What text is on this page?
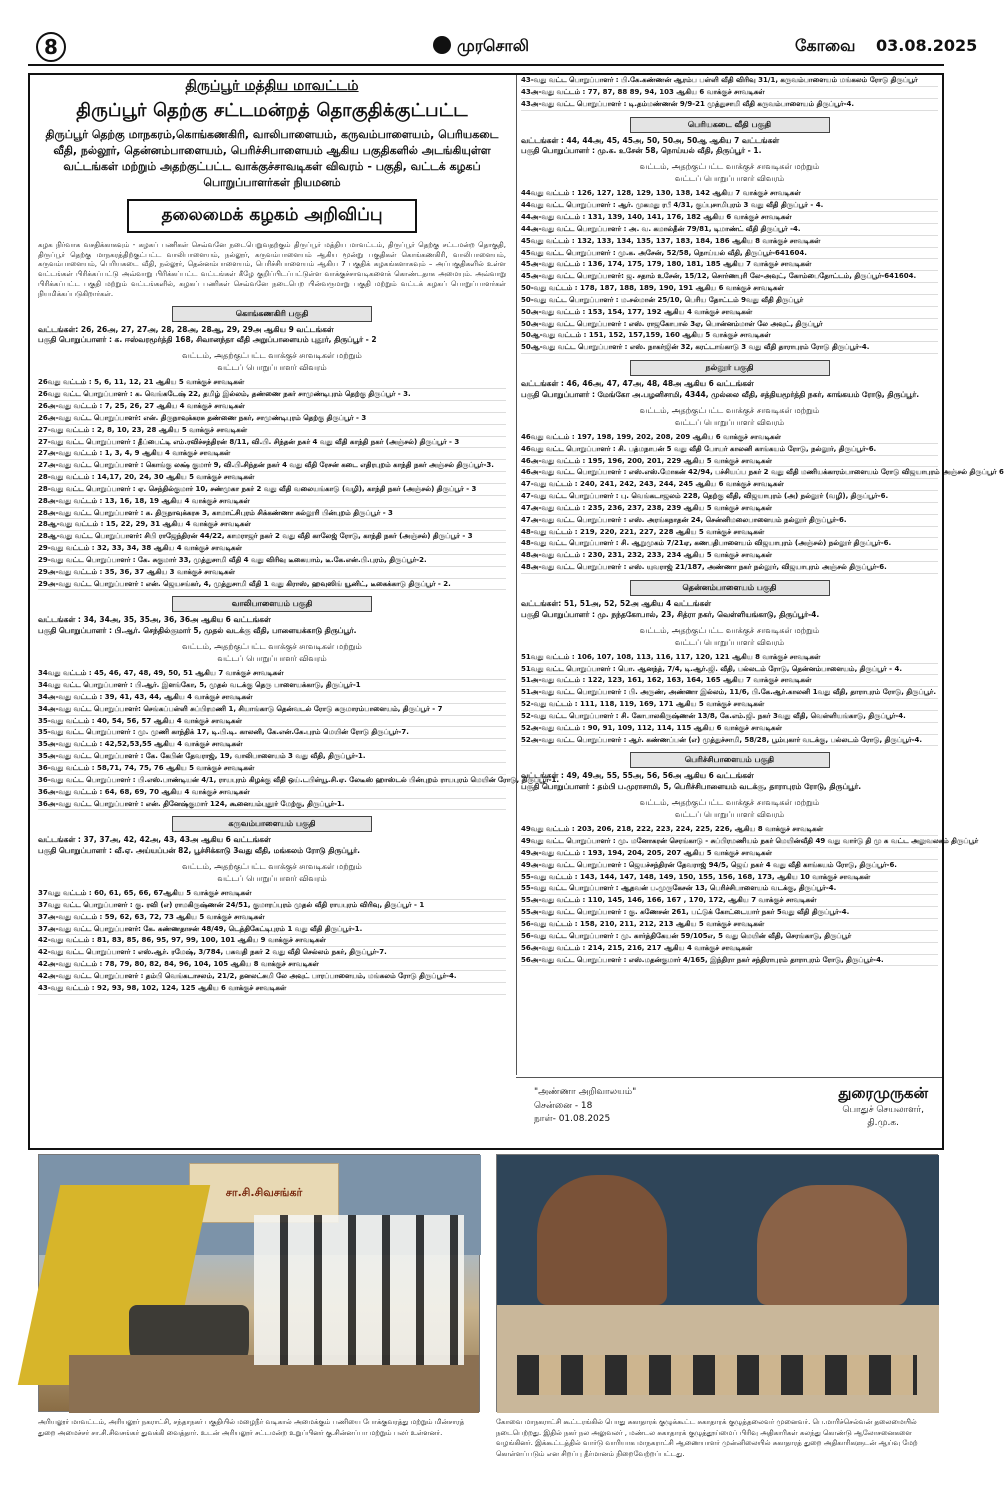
8	முரசொலி	கோவை 03.08.2025
திருப்பூர் மத்திய மாவட்டம்
திருப்பூர் தெற்கு சட்டமன்றத் தொகுதிக்குட்பட்ட
திருப்பூர் தெற்கு மாநகரம்,கொங்கணகிரி, வாலிபாளையம், கருவம்பாளையம், பெரியகடை வீதி, நல்லூர், தென்னம்பாளையம், பெரிச்சிபாளையம் ஆகிய பகுதிகளில் அடங்கியுள்ள வட்டங்கள் மற்றும் அதற்குட்பட்ட வாக்குச்சாவடிகள் விவரம் - பகுதி, வட்டக் கழகப் பொறுப்பாளர்கள் நியமனம்
தலைமைக் கழகம் அறிவிப்பு
கழக நிர்வாக வசதிக்காகவும் - கழகப் பணிகள் செவ்வனே நடைபெறுவதற்கும் திருப்பூர் மத்திய மாவட்டம், திருப்பூர் தெற்கு சட்டமன்ற தொகுதி, திருப்பூர் தெற்கு மாநகரத்திற்குட்பட்ட வாலிபாளையம், நல்லூர், கருவம்பாளையம் ஆகிய மூன்று பகுதிகள் கொங்கணகிரி, வாலிபாளையம், கருவம்பாளையம், பெரியகடை வீதி, நல்லூர், தென்னம்பாளையம், பெரிச்சிபாளையம் ஆகிய 7 பகுதிக் கழகங்களாகவும் – அப்பகுதிகளில் உள்ள வட்டங்கள் பிரிக்கப்பட்டு அவ்வாறு பிரிக்கப்பட்ட வட்டங்கள் கீழே குறிப்பிடப்பட்டுள்ள வாக்குச்சாவடிகளைக் கொண்டதாக அமையும். அவ்வாறு பிரிக்கப்பட்ட பகுதி மற்றும் வட்டங்களில், கழகப் பணிகள் செவ்வனே நடைபெற பின்வருமாறு பகுதி மற்றும் வட்டக் கழகப் பொறுப்பாளர்கள் நியமிக்கப்படுகிறார்கள்.
கொங்கணகிரி பகுதி
வட்டங்கள்: 26, 26அ, 27, 27அ, 28, 28அ, 28ஆ, 29, 29அ ஆகிய 9 வட்டங்கள்
பகுதி பொறுப்பாளர் : க. ஈஸ்வரமூர்த்தி 168, சிவானந்தா வீதி அறுப்பாளையம் புதூர், திருப்பூர் - 2
வட்டம், அதற்குட்பட்ட வாக்குச் சாவடிகள் மற்றும்
வட்டப் பொறுப்பாளர் விவரம்
26வது வட்டம் : 5, 6, 11, 12, 21 ஆகிய 5 வாக்குச் சாவடிகள்
26வது வட்ட பொறுப்பாளர் : க. வெங்கடேஷ் 22, தமிழ் இல்லம், தண்ணை நகர் சாமுண்டிபுரம் தெற்கு திருப்பூர் - 3.
26அ-வது வட்டம் : 7, 25, 26, 27 ஆகிய 4 வாக்குச் சாவடிகள்
26அ-வது வட்ட பொறுப்பாளர்: என். திருநாவுக்கரசு தண்ணை நகர், சாமுண்டிபுரம் தெற்கு திருப்பூர் - 3
27-வது வட்டம் : 2, 8, 10, 23, 28 ஆகிய 5 வாக்குச் சாவடிகள்
27-வது வட்ட பொறுப்பாளர் : தீப்பைட்டி எம்.ரவிச்சந்திரன் 8/11, வி.பி. சிந்தன் நகர் 4 வது வீதி காந்தி நகர் (அஞ்சல்) திருப்பூர் - 3
27அ-வது வட்டம் : 1, 3, 4, 9 ஆகிய 4 வாக்குச் சாவடிகள்
27அ-வது வட்ட பொறுப்பாளர் : கொங்கு லக்ஷ் குமார் 9, வி.பி.சிந்தன் நகர் 4 வது வீதி ரேசன் கடை எதிரபுறம் காந்தி நகர் அஞ்சல் திருப்பூர்-3.
28-வது வட்டம் : 14,17, 20, 24, 30 ஆகிய 5 வாக்குச் சாவடிகள்
28-வது வட்ட பொறுப்பாளர் : ஏ. செந்தில்குமார் 10, சண்முகா நகர் 2 வது வீதி வலையங்காடு (வழி), காந்தி நகர் (அஞ்சல்) திருப்பூர் - 3
28அ-வது வட்டம் : 13, 16, 18, 19 ஆகிய 4 வாக்குச் சாவடிகள்
28அ-வது வட்ட பொறுப்பாளர் : க. திருநாவுக்கரசு 3, காமாட்சிபுரம் சிக்கண்ணா கல்லூரி பின்புறம் திருப்பூர் - 3
28ஆ-வது வட்டம் : 15, 22, 29, 31 ஆகிய 4 வாக்குச் சாவடிகள்
28ஆ-வது வட்ட பொறுப்பாளர்: சிபி ராஜேந்திரன் 44/22, காமராஜர் நகர் 2 வது வீதி காலேஜ் ரோடு, காந்தி நகர் (அஞ்சல்) திருப்பூர் - 3
29-வது வட்டம் : 32, 33, 34, 38 ஆகிய 4 வாக்குச் சாவடிகள்
29-வது வட்ட பொறுப்பாளர் : கே. சுகுமார் 33, முத்துசாமி வீதி 4 வது விரிவு டீகையாம், டீ.கே.என்.பி.புரம், திருப்பூர்-2.
29அ-வது வட்டம் : 35, 36, 37 ஆகிய 3 வாக்குச் சாவடிகள்
29அ-வது வட்ட பொறுப்பாளர் : என். ஜெயசங்கர், 4, முத்துசாமி வீதி 1 வது கிராஸ், ஹவுஸிங் யூனிட், டீகைக்காடு திருப்பூர் - 2.
வாலிபாளையம் பகுதி
வட்டங்கள் : 34, 34அ, 35, 35அ, 36, 36அ ஆகிய 6 வட்டங்கள்
பகுதி பொறுப்பாளர் : பி.ஆர். செந்தில்குமார் 5, முதல் வடக்கு வீதி, பாளையக்காடு திருப்பூர்.
வட்டம், அதற்குட்பட்ட வாக்குச் சாவடிகள் மற்றும்
வட்டப் பொறுப்பாளர் விவரம்
34வது வட்டம் : 45, 46, 47, 48, 49, 50, 51 ஆகிய 7 வாக்குச் சாவடிகள்
34வது வட்ட பொறுப்பாளர் : பி.ஆர். இளங்கோ, 5, முதல் வடக்கு தெரு பாளையக்காடு, திருப்பூர்-1
34அ-வது வட்டம் : 39, 41, 43, 44, ஆகிய 4 வாக்குச் சாவடிகள்
34அ-வது வட்ட பொறுப்பாளர்: செங்கப்பள்ளி சுப்பிரமணி 1, சியாங்காடு தென்வடல் ரோடு கருமாரம்பாளையம், திருப்பூர் - 7
35-வது வட்டம் : 40, 54, 56, 57 ஆகிய 4 வாக்குச் சாவடிகள்
35-வது வட்ட பொறுப்பாளர் : மு. முணி காந்திக் 17, டி.பி.டி. காலனி, கே.என்.கே.புரம் மெயின் ரோடு திருப்பூர்-7.
35அ-வது வட்டம் : 42,52,53,55 ஆகிய 4 வாக்குச் சாவடிகள்
35அ-வது வட்ட பொறுப்பாளர் : கே. கேபின் தேவராஜ், 19, வாலிபாளையம் 3 வது வீதி, திருப்பூர்-1.
36-வது வட்டம் : 58,71, 74, 75, 76 ஆகிய 5 வாக்குச் சாவடிகள்
36-வது வட்ட பொறுப்பாளர் : பி.எஸ்.பாண்டியன் 4/1, ராயபுரம் கிழக்கு வீதி ஒய்.டபிள்யூ.சி.ஏ. லேடீஸ் ஹாஸ்டல் பின்புறம் ராயபுரம் மெயின் ரோடு, திருப்பூர்-1.
36அ-வது வட்டம் : 64, 68, 69, 70 ஆகிய 4 வாக்குச் சாவடிகள்
36அ-வது வட்ட பொறுப்பாளர் : என். தினேஷ்குமார் 124, கூனையம்புதூர் மேற்கு, திருப்பூர்-1.
கருவம்பாளையம் பகுதி
வட்டங்கள் : 37, 37அ, 42, 42அ, 43, 43அ ஆகிய 6 வட்டங்கள்
பகுதி பொறுப்பாளர் : வீ.ஏ. அய்யப்பன் 82, பூச்சிக்காடு 3வது வீதி, மங்கலம் ரோடு திருப்பூர்.
வட்டம், அதற்குட்பட்ட வாக்குச் சாவடிகள் மற்றும்
வட்டப் பொறுப்பாளர் விவரம்
37வது வட்டம் : 60, 61, 65, 66, 67ஆகிய 5 வாக்குச் சாவடிகள்
37வது வட்ட பொறுப்பாளர் : கு. ரவி (எ) ராமகிருஷ்ணன் 24/51, குமாரப்புரம் முதல் வீதி ராயபுரம் விரிவு, திருப்பூர் - 1
37அ-வது வட்டம் : 59, 62, 63, 72, 73 ஆகிய 5 வாக்குச் சாவடிகள்
37அ-வது வட்ட பொறுப்பாளர்: கே. கண்ணதாசன் 48/49, டெத்திகேட்டிபுரம் 1 வது வீதி திருப்பூர்-1.
42-வது வட்டம் : 81, 83, 85, 86, 95, 97, 99, 100, 101 ஆகிய 9 வாக்குச் சாவடிகள்
42-வது வட்ட பொறுப்பாளர் : எஸ்.ஆர். ரமேஷ், 3/784, பகவதி நகர் 2 வது வீதி செல்லம் நகர், திருப்பூர்-7.
42அ-வது வட்டம் : 78, 79, 80, 82, 84, 96, 104, 105 ஆகிய 8 வாக்குச் சாவடிகள்
42அ-வது வட்ட பொறுப்பாளர் : தம்பி வெங்கடாசலம், 21/2, தனலட்சுமி லே அவுட் பாரப்பாளையம், மங்கலம் ரோடு திருப்பூர்-4.
43-வது வட்டம் : 92, 93, 98, 102, 124, 125 ஆகிய 6 வாக்குச் சாவடிகள்
43-வது வட்ட பொறுப்பாளர் : பி.கே.கண்ணன் ஆரம்ப பள்ளி வீதி விரிவு 31/1, கருவம்பாளையம் மங்கலம் ரோடு திருப்பூர்
43அ-வது வட்டம் : 77, 87, 88 89, 94, 103 ஆகிய 6 வாக்குச் சாவடிகள்
43அ-வது வட்ட பொறுப்பாளர் : டி.தம்மண்ணன் 9/9-21 முத்துசாமி வீதி கருவம்பாளையம் திருப்பூர்-4.
பெரியகடை வீதி பகுதி
வட்டங்கள் : 44, 44அ, 45, 45அ, 50, 50அ, 50ஆ ஆகிய 7 வட்டங்கள்
பகுதி பொறுப்பாளர் : மு.க. உசேன் 58, நொய்யல் வீதி, திருப்பூர் - 1.
வட்டம், அதற்குட்பட்ட வாக்குச் சாவடிகள் மற்றும்
வட்டப் பொறுப்பாளர் விவரம்
44வது வட்டம் : 126, 127, 128, 129, 130, 138, 142 ஆகிய 7 வாக்குச் சாவடிகள்
44வது வட்ட பொறுப்பாளர் : ஆர். முகமது ரபீ 4/31, குப்புசாமிபுரம் 3 வது வீதி திருப்பூர் - 4.
44அ-வது வட்டம் : 131, 139, 140, 141, 176, 182 ஆகிய 6 வாக்குச் சாவடிகள்
44அ-வது வட்ட பொறுப்பாளர் : அ. வ. கமால்தீன் 79/81, டிமாண்ட் வீதி திருப்பூர் -4.
45வது வட்டம் : 132, 133, 134, 135, 137, 183, 184, 186 ஆகிய 8 வாக்குச் சாவடிகள்
45வது வட்ட பொறுப்பாளர் : மு.க. அசேன், 52/58, நொய்யல் வீதி, திருப்பூர்-641604.
45அ-வது வட்டம் : 136, 174, 175, 179, 180, 181, 185 ஆகிய 7 வாக்குச் சாவடிகள்
45அ-வது வட்ட பொறுப்பாளர்: ஜ. சதாம் உசேன், 15/12, சொர்ணபுரி லே-அவுட், கோம்பைதோட்டம், திருப்பூர்-641604.
50-வது வட்டம் : 178, 187, 188, 189, 190, 191 ஆகிய 6 வாக்குச் சாவடிகள்
50-வது வட்ட பொறுப்பாளர் : ம.சல்மான் 25/10, பெரிய தோட்டம் 9வது வீதி திருப்பூர்
50அ-வது வட்டம் : 153, 154, 177, 192 ஆகிய 4 வாக்குச் சாவடிகள்
50அ-வது வட்ட பொறுப்பாளர் : எஸ். ராஜகோபால் 3ஏ, பொன்னம்மாள் லே அவுட், திருப்பூர்
50ஆ-வது வட்டம் : 151, 152, 157,159, 160 ஆகிய 5 வாக்குச் சாவடிகள்
50ஆ-வது வட்ட பொறுப்பாளர் : எஸ். நாகர்ஜின் 32, கரட்டாங்காடு 3 வது வீதி தாராபுரம் ரோடு திருப்பூர்-4.
நல்லூர் பகுதி
வட்டங்கள் : 46, 46அ, 47, 47அ, 48, 48அ ஆகிய 6 வட்டங்கள்
பகுதி பொறுப்பாளர் : மேங்கோ அ.பழனிசாமி, 4344, முல்லை வீதி, சத்தியமூர்த்தி நகர், காங்கயம் ரோடு, திருப்பூர்.
வட்டம், அதற்குட்பட்ட வாக்குச் சாவடிகள் மற்றும்
வட்டப் பொறுப்பாளர் விவரம்
46வது வட்டம் : 197, 198, 199, 202, 208, 209 ஆகிய 6 வாக்குச் சாவடிகள்
46வது வட்ட பொறுப்பாளர் : சி. பத்மநாபன் 5 வது வீதி போயர் காலனி காங்கயம் ரோடு, நல்லூர், திருப்பூர்-6.
46அ-வது வட்டம் : 195, 196, 200, 201, 229 ஆகிய 5 வாக்குச் சாவடிகள்
46அ-வது வட்ட பொறுப்பாளர் : எஸ்.எஸ்.மோகன் 42/94, பச்சியப்ப நகர் 2 வது வீதி மணியக்காரம்பாளையம் ரோடு விஜயாபுரம் அஞ்சல் திருப்பூர் 6
47-வது வட்டம் : 240, 241, 242, 243, 244, 245 ஆகிய 6 வாக்குச் சாவடிகள்
47-வது வட்ட பொறுப்பாளர் : பு. வெங்கடாஜலம் 228, தெற்கு வீதி, விஜயாபுரம் (அ) நல்லூர் (வழி), திருப்பூர்-6.
47அ-வது வட்டம் : 235, 236, 237, 238, 239 ஆகிய 5 வாக்குச் சாவடிகள்
47அ-வது வட்ட பொறுப்பாளர் : எஸ். அரங்கநாதன் 24, சென்னிமலைபாளையம் நல்லூர் திருப்பூர்-6.
48-வது வட்டம் : 219, 220, 221, 227, 228 ஆகிய 5 வாக்குச் சாவடிகள்
48-வது வட்ட பொறுப்பாளர் : சி. ஆறுமுகம் 7/21ஏ, கணபதிபாளையம் விஜயாபுரம் (அஞ்சல்) நல்லூர் திருப்பூர்-6.
48அ-வது வட்டம் : 230, 231, 232, 233, 234 ஆகிய 5 வாக்குச் சாவடிகள்
48அ-வது வட்ட பொறுப்பாளர் : எஸ். யுவராஜ் 21/187, அண்ணா நகர் நல்லூர், விஜயாபுரம் அஞ்சல் திருப்பூர்-6.
தென்னம்பாளையம் பகுதி
வட்டங்கள்: 51, 51அ, 52, 52அ ஆகிய 4 வட்டங்கள்
பகுதி பொறுப்பாளர் : மு. நந்தகோபால், 23, சித்ரா நகர், வெள்ளியங்காடு, திருப்பூர்-4.
வட்டம், அதற்குட்பட்ட வாக்குச் சாவடிகள் மற்றும்
வட்டப் பொறுப்பாளர் விவரம்
51வது வட்டம் : 106, 107, 108, 113, 116, 117, 120, 121 ஆகிய 8 வாக்குச் சாவடிகள்
51வது வட்ட பொறுப்பாளர் : பொ. ஆனந்த், 7/4, டி.ஆர்.ஜி. வீதி, பல்லடம் ரோடு, தென்னம்பாளையம், திருப்பூர் - 4.
51அ-வது வட்டம் : 122, 123, 161, 162, 163, 164, 165 ஆகிய 7 வாக்குச் சாவடிகள்
51அ-வது வட்ட பொறுப்பாளர் : பி. அருண், அண்ணா இல்லம், 11/6, பி.கே.ஆர்.காலனி 1வது வீதி, தாராபுரம் ரோடு, திருப்பூர்.
52-வது வட்டம் : 111, 118, 119, 169, 171 ஆகிய 5 வாக்குச் சாவடிகள்
52-வது வட்ட பொறுப்பாளர் : சி. கோபாலகிருஷ்ணன் 13/8, கே.எம்.ஜி. நகர் 3வது வீதி, வெள்ளியங்காடு, திருப்பூர்-4.
52அ-வது வட்டம் : 90, 91, 109, 112, 114, 115 ஆகிய 6 வாக்குச் சாவடிகள்
52அ-வது வட்ட பொறுப்பாளர் : ஆர். கண்ணப்பன் (எ) முத்துச்சாமி, 58/28, பூம்புகார் வடக்கு, பல்லடம் ரோடு, திருப்பூர்-4.
பெரிச்சிபாளையம் பகுதி
வட்டங்கள் : 49, 49அ, 55, 55அ, 56, 56அ ஆகிய 6 வட்டங்கள்
பகுதி பொறுப்பாளர் : தம்பி ப.முராசாமி, 5, பெரிச்சிபாளையம் வடக்கு, தாராபுரம் ரோடு, திருப்பூர்.
வட்டம், அதற்குட்பட்ட வாக்குச் சாவடிகள் மற்றும்
வட்டப் பொறுப்பாளர் விவரம்
49வது வட்டம் : 203, 206, 218, 222, 223, 224, 225, 226, ஆகிய 8 வாக்குச் சாவடிகள்
49வது வட்ட பொறுப்பாளர் : மு. மனோகரன் செரங்காடு - சுப்பிரமணியம் நகர் மெயின்வீதி 49 வது வார்டு தி மு க வட்ட அலுவலகம் திருப்பூர்
49அ-வது வட்டம் : 193, 194, 204, 205, 207 ஆகிய 5 வாக்குச் சாவடிகள்
49அ-வது வட்ட பொறுப்பாளர் : ஜெயச்சந்திரன் தேவராஜ் 94/5, ஜெய் நகர் 4 வது வீதி காங்கயம் ரோடு, திருப்பூர்-6.
55-வது வட்டம் : 143, 144, 147, 148, 149, 150, 155, 156, 168, 173, ஆகிய 10 வாக்குச் சாவடிகள்
55-வது வட்ட பொறுப்பாளர் : ஆதவன் ப.முருகேசன் 13, பெரிச்சிபாளையம் வடக்கு, திருப்பூர்-4.
55அ-வது வட்டம் : 110, 145, 146, 166, 167 , 170, 172, ஆகிய 7 வாக்குச் சாவடிகள்
55அ-வது வட்ட பொறுப்பாளர் : கு. கணேசன் 261, பட்டுக் கோட்டையார் நகர் 5வது வீதி திருப்பூர்-4.
56-வது வட்டம் : 158, 210, 211, 212, 213 ஆகிய 5 வாக்குச் சாவடிகள்
56-வது வட்ட பொறுப்பாளர் : மு. கார்த்திகேயன் 59/105எ, 5 வது மெயின் வீதி, செரங்காடு, திருப்பூர்
56அ-வது வட்டம் : 214, 215, 216, 217 ஆகிய 4 வாக்குச் சாவடிகள்
56அ-வது வட்ட பொறுப்பாளர் : எஸ்.மதன்குமார் 4/165, இந்திரா நகர் சந்திராபுரம் தாராபுரம் ரோடு, திருப்பூர்-4.
"அண்ணா அறிவாலயம்"
சென்னை - 18
நாள்- 01.08.2025
துரைமுருகன்
பொதுச் செயலாளர்,
தி.மு.க.
சா.சி.சிவசங்கர்
அரியலூர் மாவட்டம், அரியலூர் நகராட்சி, சந்தாநகர் பகுதியில் மழைநீர் வடிகால் அமைக்கும் பணியை போக்குவரத்து மற்றும் மின்சாரத் துறை அமைச்சர் சா.சி.சிவசங்கர் துவக்கி வைத்தார். உடன் அரியலூர் சட்டமன்ற உறுப்பினர் கு.சின்னப்பா மற்றும் பலர் உள்ளனர்.
கோவை மாநகராட்சி கூட்டரங்கில் பொது சுகாதாரக் குழுக்கூட்ட சுகாதாரக் குழுத்தலைவர் முனைவர். பெ.மாரிச்செல்வன் தலைமையில் நடைபெற்றது. இதில் நகர் நல அலுவலர் , மண்டல சுகாதாரக் குழுத்தூய்மைப் பிரிவு அதிகாரிகள் கலந்து கொண்டு ஆலோசனைகளை வழங்கினர். இக்கூட்டத்தில் வார்டு வாரியாக மாநகராட்சி ஆணையாளர் முன்னிலையில் சுகாதாரத் துறை அதிகாரிகளுடன் ஆய்வு மேற் கொள்ளப்படும் என சிறப்பு தீர்மானம் நிறைவேற்றப்பட்டது.
